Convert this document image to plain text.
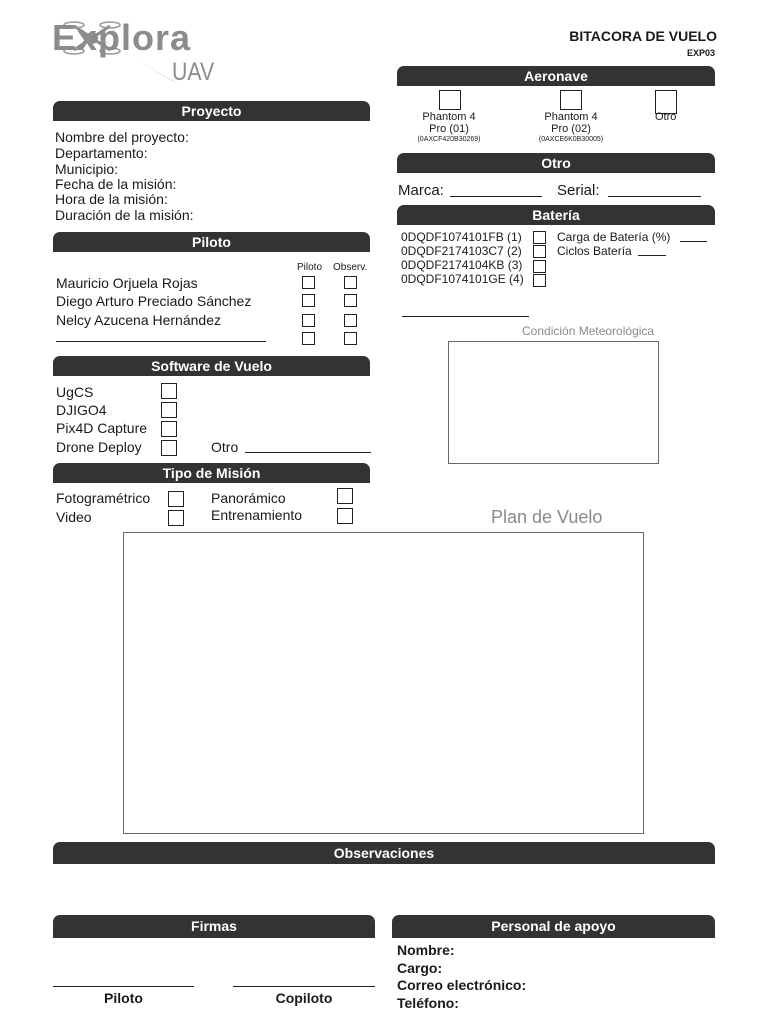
Explora
UAV
BITACORA DE VUELO
EXP03
Proyecto
Nombre del proyecto:
Departamento:
Municipio:
Fecha de la misión:
Hora de la misión:
Duración de la misión:
Piloto
Piloto Observ.
Mauricio Orjuela Rojas
Diego Arturo Preciado Sánchez
Nelcy Azucena Hernández
Software de Vuelo
UgCS
DJIGO4
Pix4D Capture
Drone Deploy	Otro
Tipo de Misión
Fotogramétrico
Video
Panorámico
Entrenamiento
Aeronave
Phantom 4
Pro (01)
(0AXCF420B30269)
Phantom 4
Pro (02)
(0AXCE6K0B30005)
Otro
Otro
Marca:	Serial:
Batería
0DQDF1074101FB (1)
0DQDF2174103C7 (2)
0DQDF2174104KB (3)
0DQDF1074101GE (4)
Carga de Batería (%)
Ciclos Batería
Condición Meteorológica
Plan de Vuelo
Observaciones
Firmas
Piloto	Copiloto
Personal de apoyo
Nombre:
Cargo:
Correo electrónico:
Teléfono:
